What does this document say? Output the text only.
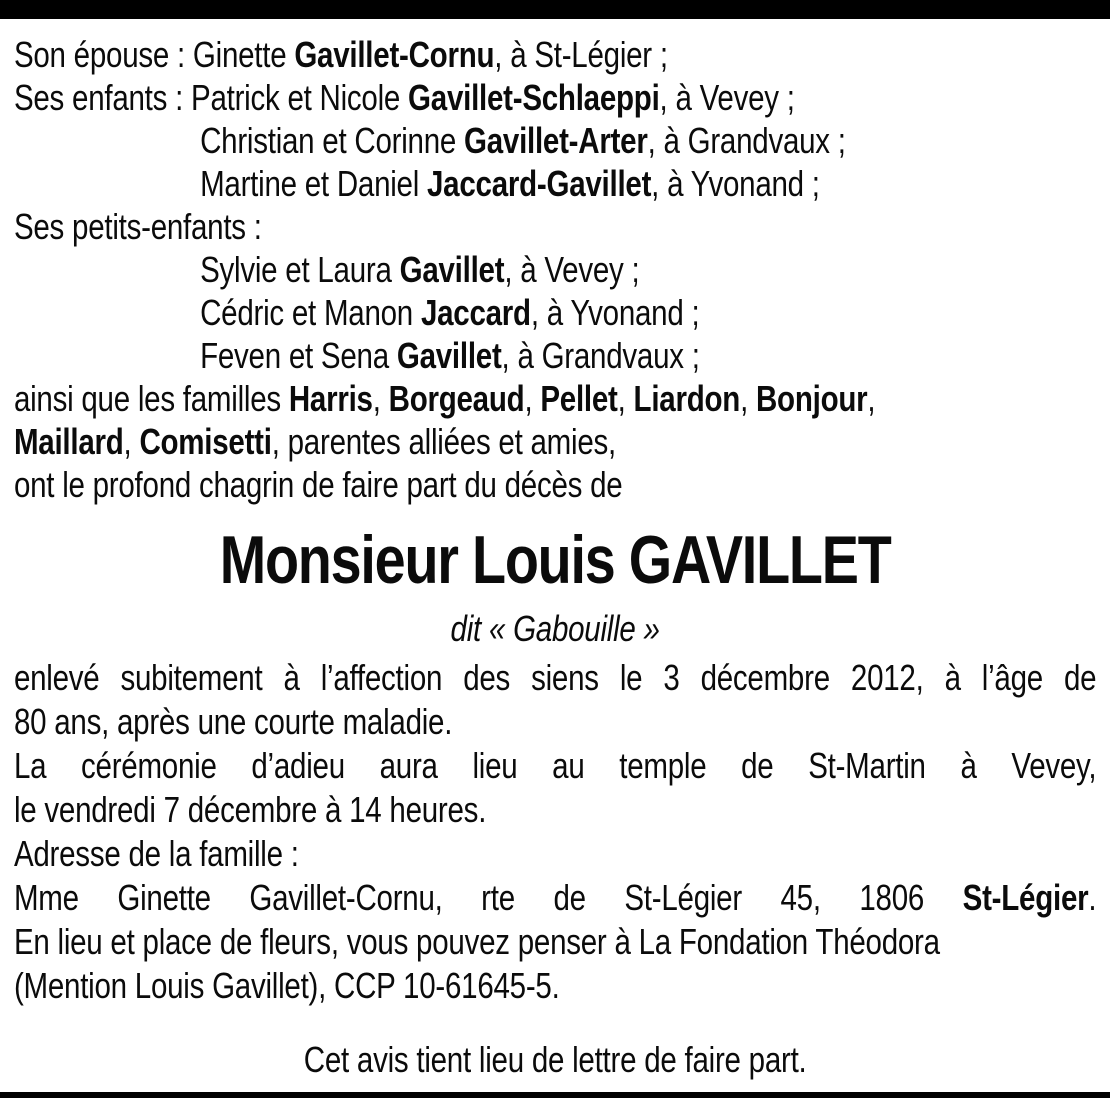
Son épouse : Ginette Gavillet-Cornu, à St-Légier ;
Ses enfants : Patrick et Nicole Gavillet-Schlaeppi, à Vevey ;
Christian et Corinne Gavillet-Arter, à Grandvaux ;
Martine et Daniel Jaccard-Gavillet, à Yvonand ;
Ses petits-enfants :
Sylvie et Laura Gavillet, à Vevey ;
Cédric et Manon Jaccard, à Yvonand ;
Feven et Sena Gavillet, à Grandvaux ;
ainsi que les familles Harris, Borgeaud, Pellet, Liardon, Bonjour,
Maillard, Comisetti, parentes alliées et amies,
ont le profond chagrin de faire part du décès de
Monsieur Louis GAVILLET
dit « Gabouille »
enlevé subitement à l’affection des siens le 3 décembre 2012, à l’âge de
80 ans, après une courte maladie.
La cérémonie d’adieu aura lieu au temple de St-Martin à Vevey,
le vendredi 7 décembre à 14 heures.
Adresse de la famille :
Mme Ginette Gavillet-Cornu, rte de St-Légier 45, 1806 St-Légier.
En lieu et place de fleurs, vous pouvez penser à La Fondation Théodora
(Mention Louis Gavillet), CCP 10-61645-5.
Cet avis tient lieu de lettre de faire part.
